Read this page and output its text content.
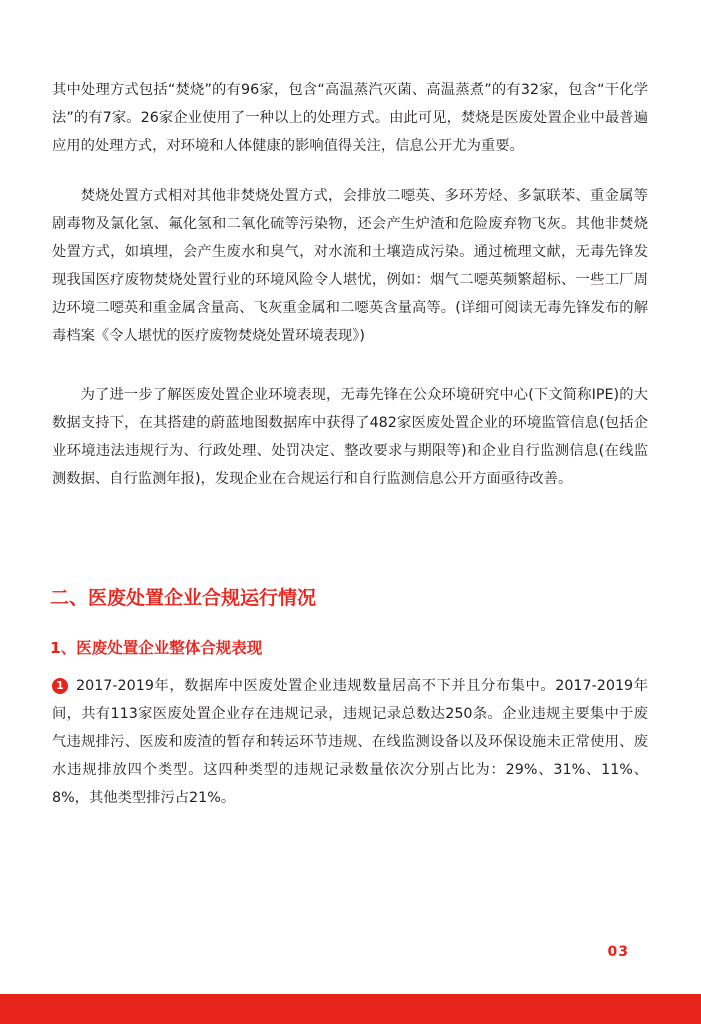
其中处理方式包括“焚烧”的有96家，包含“高温蒸汽灭菌、高温蒸煮”的有32家，包含“干化学法”的有7家。26家企业使用了一种以上的处理方式。由此可见，焚烧是医废处置企业中最普遍应用的处理方式，对环境和人体健康的影响值得关注，信息公开尤为重要。

焚烧处置方式相对其他非焚烧处置方式，会排放二噁英、多环芳烃、多氯联苯、重金属等剧毒物及氯化氢、氟化氢和二氧化硫等污染物，还会产生炉渣和危险废弃物飞灰。其他非焚烧处置方式，如填埋，会产生废水和臭气，对水流和土壤造成污染。通过梳理文献，无毒先锋发现我国医疗废物焚烧处置行业的环境风险令人堪忧，例如：烟气二噁英频繁超标、一些工厂周边环境二噁英和重金属含量高、飞灰重金属和二噁英含量高等。(详细可阅读无毒先锋发布的解毒档案《令人堪忧的医疗废物焚烧处置环境表现》)

为了进一步了解医废处置企业环境表现，无毒先锋在公众环境研究中心(下文简称IPE)的大数据支持下，在其搭建的蔚蓝地图数据库中获得了482家医废处置企业的环境监管信息(包括企业环境违法违规行为、行政处理、处罚决定、整改要求与期限等)和企业自行监测信息(在线监测数据、自行监测年报)，发现企业在合规运行和自行监测信息公开方面亟待改善。

二、医废处置企业合规运行情况
1、医废处置企业整体合规表现

1 2017-2019年，数据库中医废处置企业违规数量居高不下并且分布集中。2017-2019年间，共有113家医废处置企业存在违规记录，违规记录总数达250条。企业违规主要集中于废气违规排污、医废和废渣的暂存和转运环节违规、在线监测设备以及环保设施未正常使用、废水违规排放四个类型。这四种类型的违规记录数量依次分别占比为：29%、31%、11%、8%，其他类型排污占21%。

03
